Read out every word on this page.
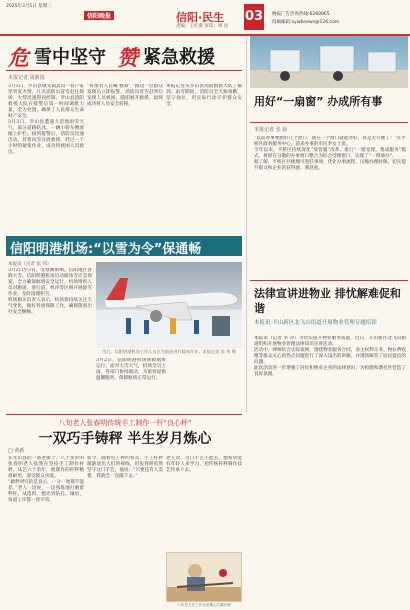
2025年3月5日 星期三
信阳晚报	信阳·民生
责编：王红蕾 审读：周 民
03 晚报广告咨询热线:6260965
投稿邮箱:xywbnews@126.com
危 雪中坚守 赞 紧急救援
本报记者 周新国

3月3日，罗山县城关镇灵山一农户家里突发火情，几名消防员冒雪赶往现场，火势迅速得到控制。罗山县消防救援大队在接警后第一时间调派力量，全力处置，确保了人民群众生命财产安全。

3月3日，罗山县遭遇大范围雨雪天气，部分道路结冰，一辆小轿车侧滑撞上护栏。接到报警后，消防员迅速出动，冒着风雪开展救援，经过一个小时的紧张作业，成功将被困人员救出。

“好像有人在喊‘救命’，”路边一位群众发现后立即报警，消防员冒雪赶到后发现人员被困，随即展开救援，最终成功将人员安全转移。

本报记者从罗山县消防救援大队了解到，雨雪期间，消防员全天候备勤，坚守岗位，用实际行动守护群众安全。

信阳明港机场:“以雪为令”保通畅
本报讯（记者 张 伟）

3月2日至3日，受寒潮影响，信阳地区普降大雪。信阳明港机场启动除冰雪应急预案，全力确保航班安全运行。机场组织人员对跑道、滑行道、机坪等区域开展除雪作业，及时清理积雪。

机场相关负责人表示，机场将持续关注天气变化，做好各项保障工作，确保旅客出行安全顺畅。

雪后，信阳明港机场工作人员在为航班进行除冰作业。本报记者 张 伟 摄

3月2日，信阳明港机场保障航班运行。面对大雪天气，机场全员上岗，各部门协同联动，为旅客提供温馨服务，保障航班正常运行。

用好“一扇窗” 办成所有事
本报记者 张 晨

“以前办事要跑好几个窗口，现在一个窗口就能办好，真是太方便了！”在平桥区政务服务中心，前来办事的市民李女士说。

今年以来，平桥区持续深化“放管服”改革，推行“一窗受理、集成服务”模式，将原有分散的办事窗口整合为综合受理窗口，实现了“一窗通办”。

据了解，平桥区共梳理可进驻事项，优化办事流程，压缩办理时限，切实提升群众和企业的获得感、满意度。

法律宣讲进物业 排忧解难促和谐
本报讯 羊山新区北飞山街道开展物业管理专题培训

本报讯（记者 李 涛）为切实提升物业服务质量，近日，羊山新区北飞山街道组织开展物业管理法律知识宣讲活动。

活动中，律师结合实际案例，围绕物业服务合同、业主权利义务、物业费收缴等群众关心的热点问题进行了深入浅出的讲解，并现场解答了居民提出的问题。

此次活动进一步增强了居民和物业企业的法律意识，为构建和谐社区营造了良好氛围。

八旬老人张春明传统手工制作一杆“良心秤”
一双巧手铸秤 半生岁月炼心
□ 黄新

在光山县的一条老街上，八十多岁的张春明老人依然在坚持手工制作杆秤。从艺六十余年，他制作的杆秤精准耐用，深受群众喜爱。

“做秤讲究的是良心，一分一厘都不能差。”老人一边说，一边熟练地打磨着秤杆。从选料、刨光到钻孔、镶星，每道工序都一丝不苟。

如今，随着电子秤的普及，手工杆秤渐渐淡出人们的视线，但张春明依然坚守这门手艺，他说：“只要还有人需要，我就会一直做下去。”

老人说，这门手艺不能丢，他希望能有年轻人来学习，把传统杆秤制作技艺传承下去。

八旬老人在工作台前精心打磨杆秤
